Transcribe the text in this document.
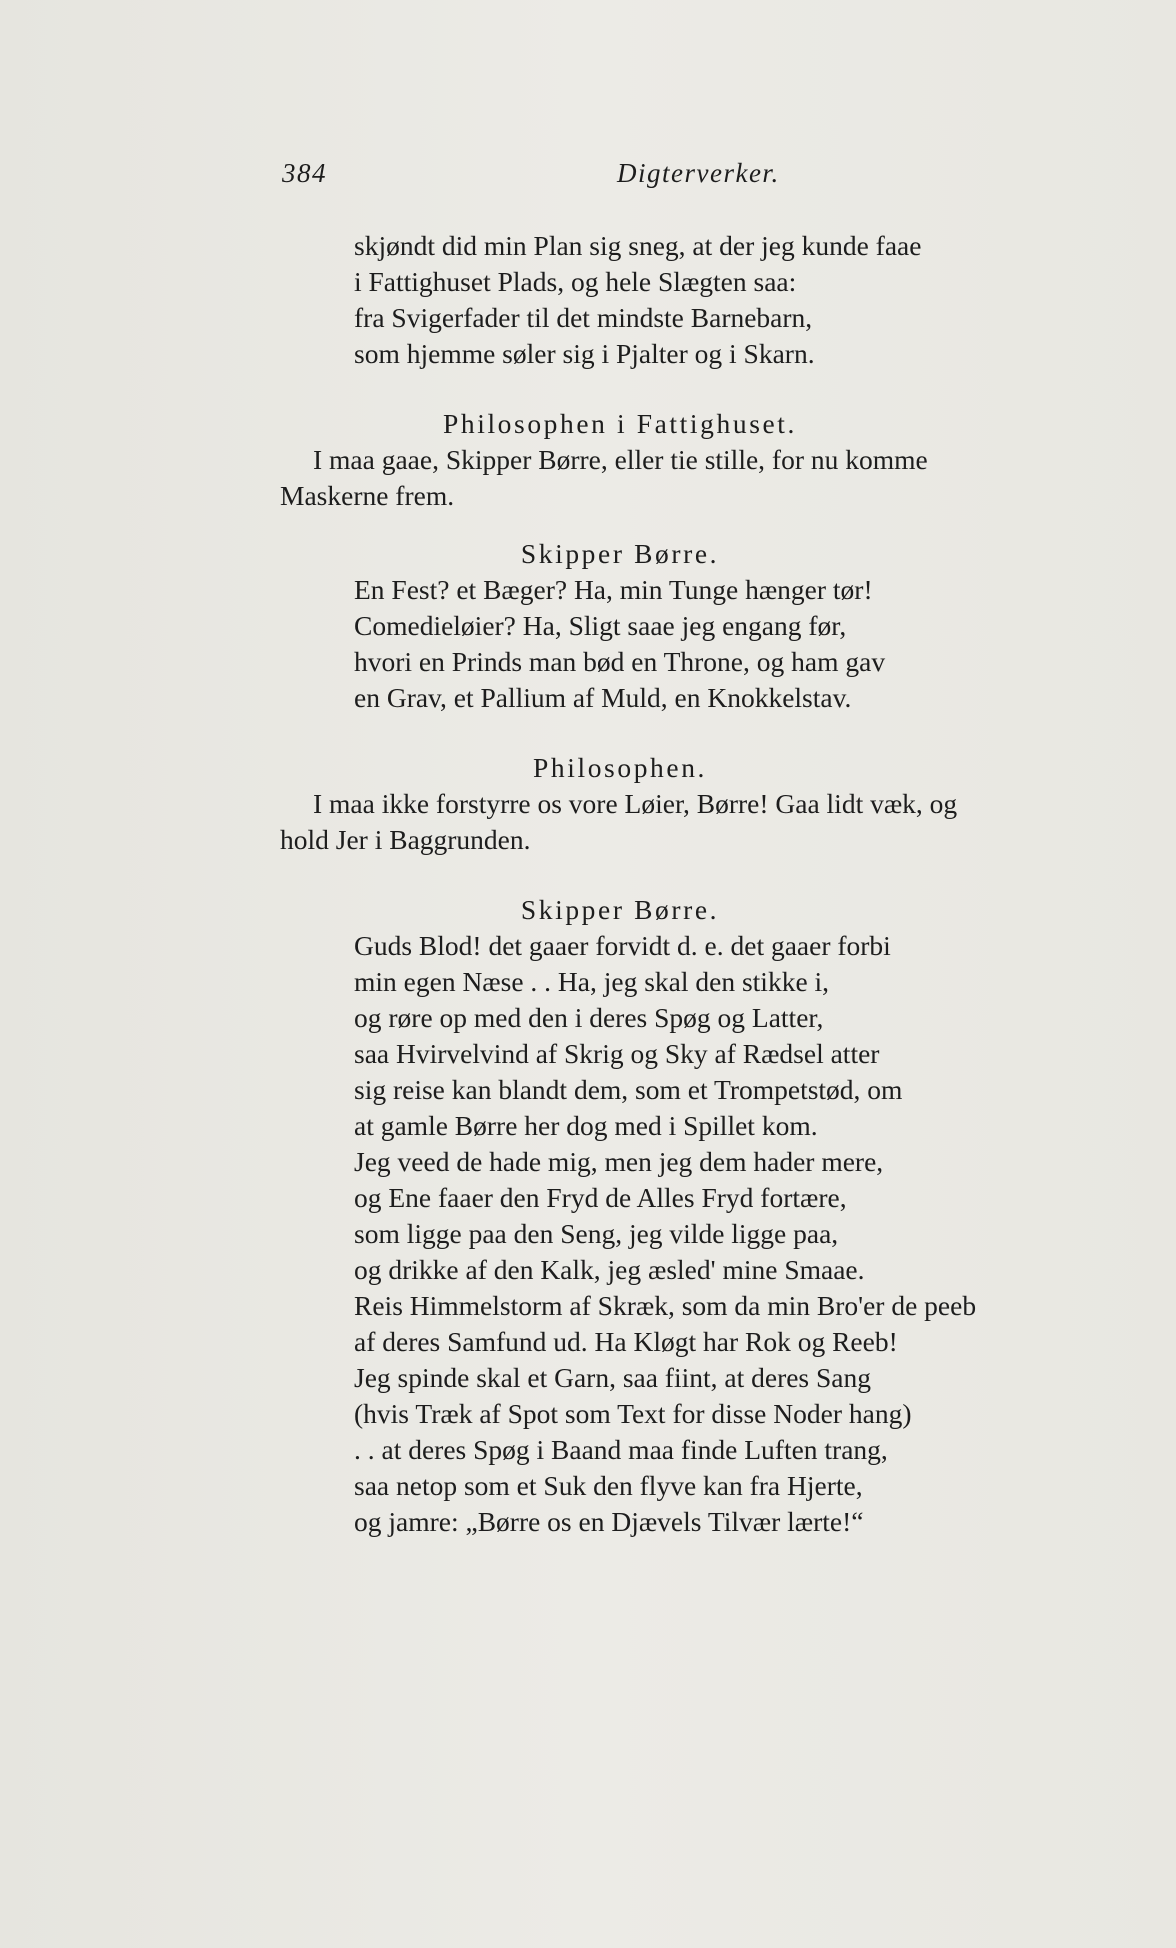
384	Digterverker.
skjøndt did min Plan sig sneg, at der jeg kunde faae
i Fattighuset Plads, og hele Slægten saa:
fra Svigerfader til det mindste Barnebarn,
som hjemme søler sig i Pjalter og i Skarn.
Philosophen i Fattighuset.
I maa gaae, Skipper Børre, eller tie stille, for nu komme
Maskerne frem.
Skipper Børre.
En Fest? et Bæger? Ha, min Tunge hænger tør!
Comedieløier? Ha, Sligt saae jeg engang før,
hvori en Prinds man bød en Throne, og ham gav
en Grav, et Pallium af Muld, en Knokkelstav.
Philosophen.
I maa ikke forstyrre os vore Løier, Børre! Gaa lidt væk, og
hold Jer i Baggrunden.
Skipper Børre.
Guds Blod! det gaaer forvidt d. e. det gaaer forbi
min egen Næse . . Ha, jeg skal den stikke i,
og røre op med den i deres Spøg og Latter,
saa Hvirvelvind af Skrig og Sky af Rædsel atter
sig reise kan blandt dem, som et Trompetstød, om
at gamle Børre her dog med i Spillet kom.
Jeg veed de hade mig, men jeg dem hader mere,
og Ene faaer den Fryd de Alles Fryd fortære,
som ligge paa den Seng, jeg vilde ligge paa,
og drikke af den Kalk, jeg æsled' mine Smaae.
Reis Himmelstorm af Skræk, som da min Bro'er de peeb
af deres Samfund ud. Ha Kløgt har Rok og Reeb!
Jeg spinde skal et Garn, saa fiint, at deres Sang
(hvis Træk af Spot som Text for disse Noder hang)
. . at deres Spøg i Baand maa finde Luften trang,
saa netop som et Suk den flyve kan fra Hjerte,
og jamre: „Børre os en Djævels Tilvær lærte!“
